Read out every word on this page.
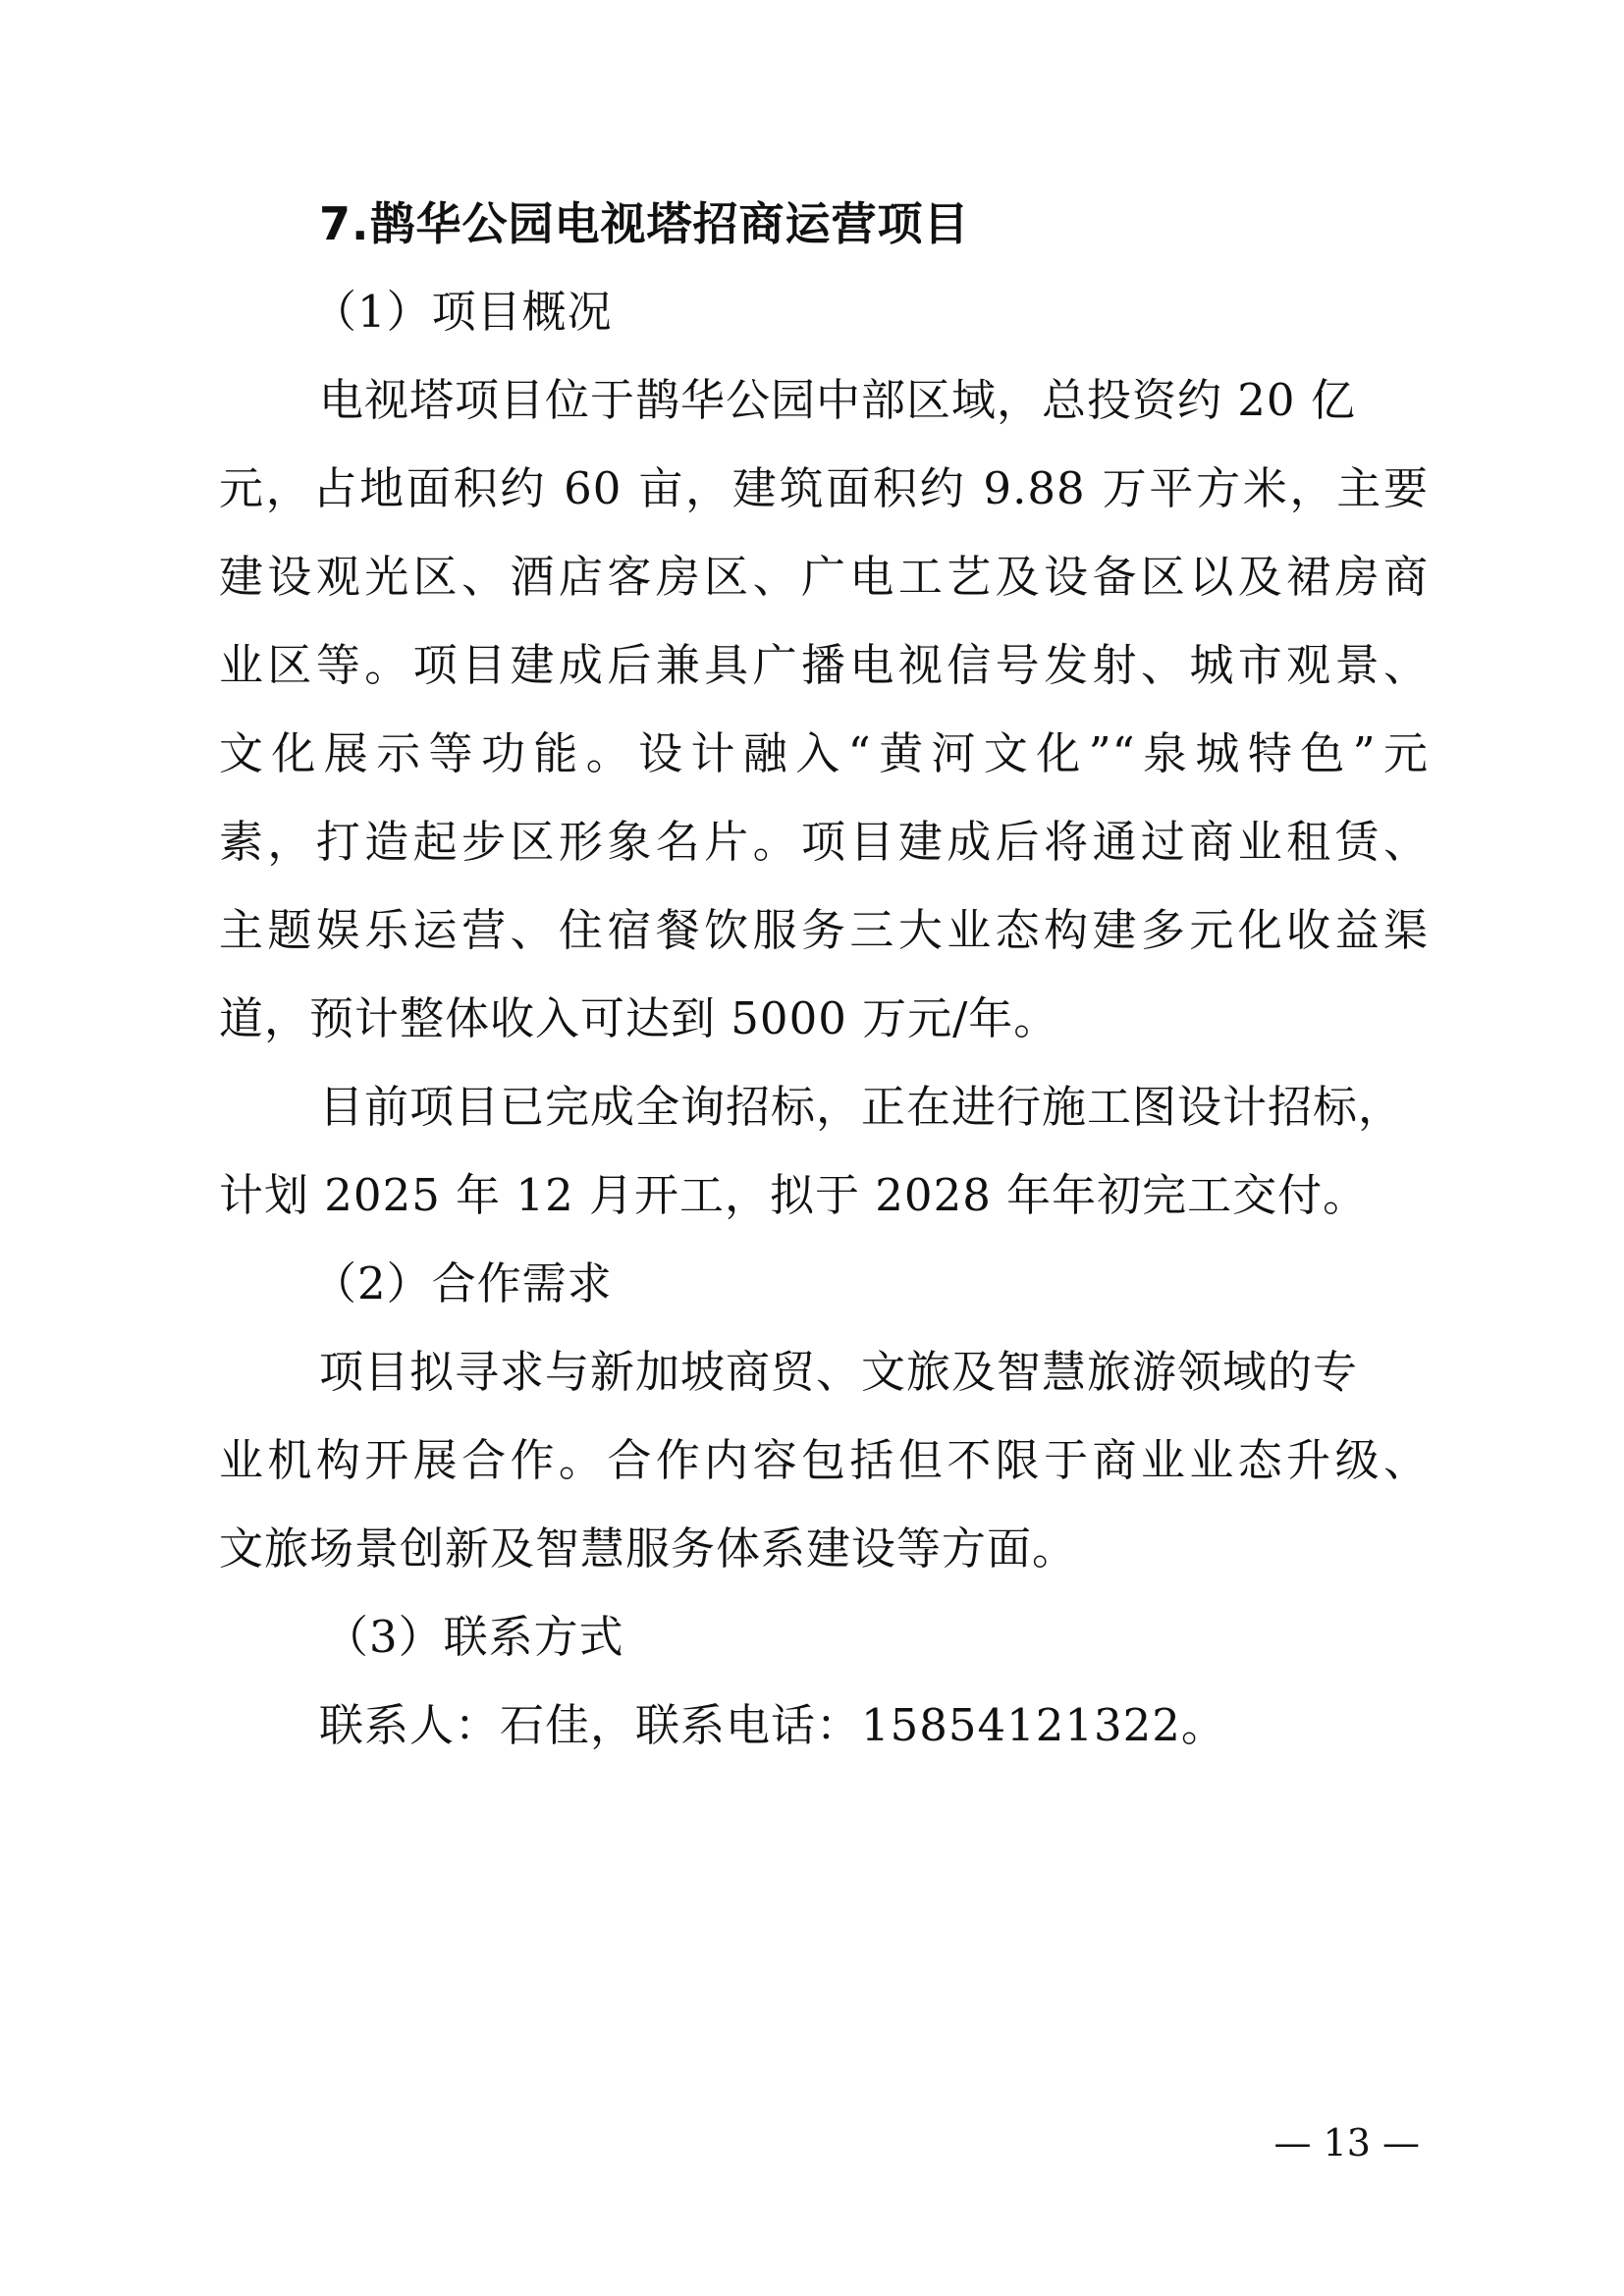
7.鹊华公园电视塔招商运营项目
（1）项目概况
电视塔项目位于鹊华公园中部区域，总投资约 20 亿
元，占地面积约 60 亩，建筑面积约 9.88 万平方米，主要
建设观光区、酒店客房区、广电工艺及设备区以及裙房商
业区等。项目建成后兼具广播电视信号发射、城市观景、
文化展示等功能。设计融入“黄河文化”“泉城特色”元
素，打造起步区形象名片。项目建成后将通过商业租赁、
主题娱乐运营、住宿餐饮服务三大业态构建多元化收益渠
道，预计整体收入可达到 5000 万元/年。
目前项目已完成全询招标，正在进行施工图设计招标，
计划 2025 年 12 月开工，拟于 2028 年年初完工交付。
（2）合作需求
项目拟寻求与新加坡商贸、文旅及智慧旅游领域的专
业机构开展合作。合作内容包括但不限于商业业态升级、
文旅场景创新及智慧服务体系建设等方面。
（3）联系方式
联系人：石佳，联系电话：15854121322。
— 13 —
